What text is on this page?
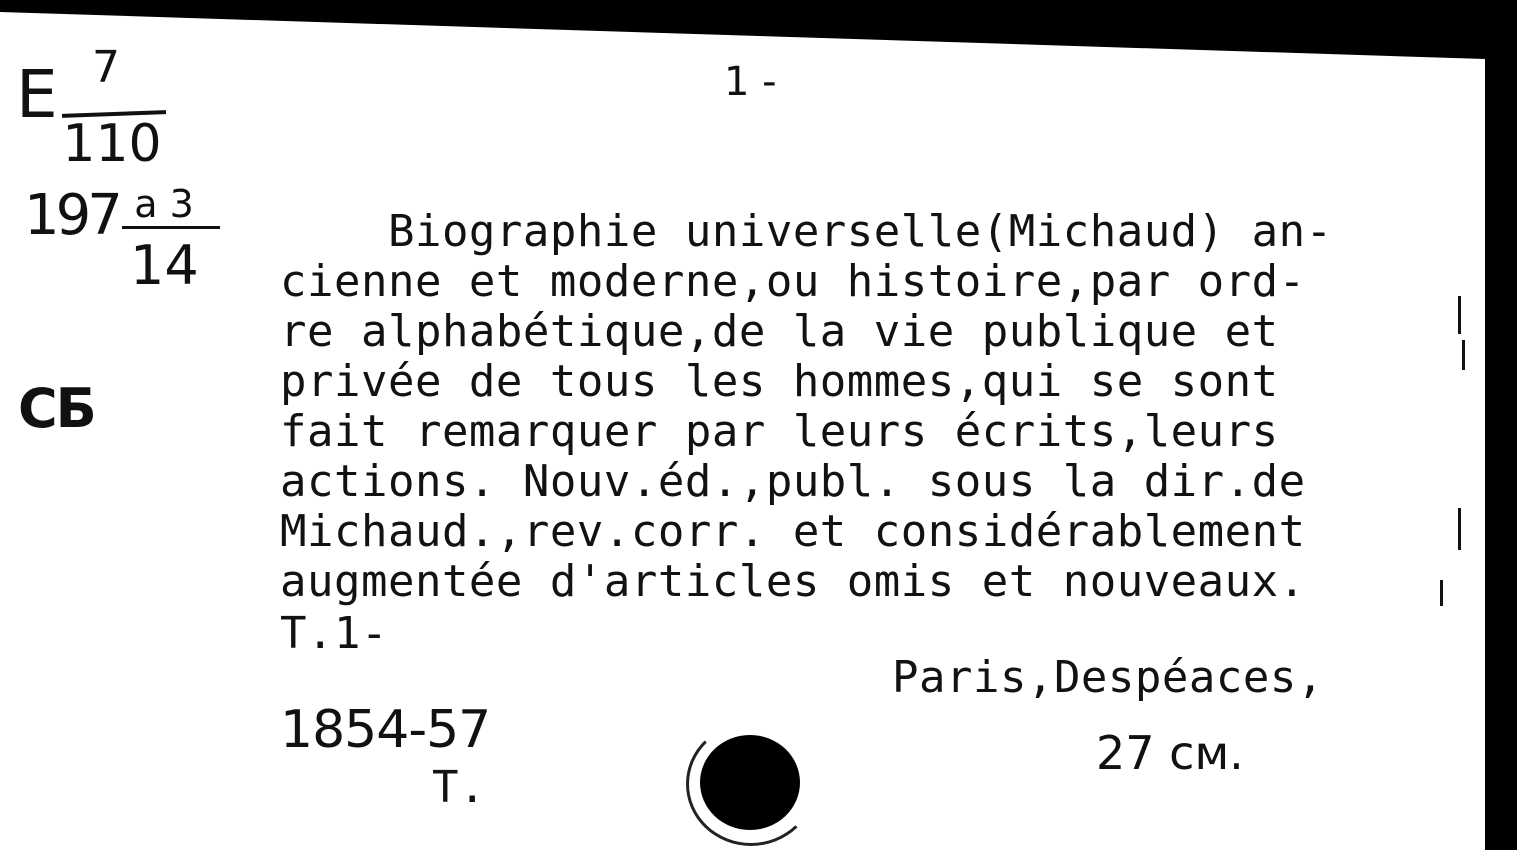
E 7
110
197 a 3
14
CБ
1 -
Biographie universelle(Michaud) an-
cienne et moderne,ou histoire,par ord-
re alphabétique,de la vie publique et
privée de tous les hommes,qui se sont
fait remarquer par leurs écrits,leurs
actions. Nouv.éd.,publ. sous la dir.de
Michaud.,rev.corr. et considérablement
augmentée d'articles omis et nouveaux.
T.1-
Paris,Despéaces,
1854-57
T.
27 см.
